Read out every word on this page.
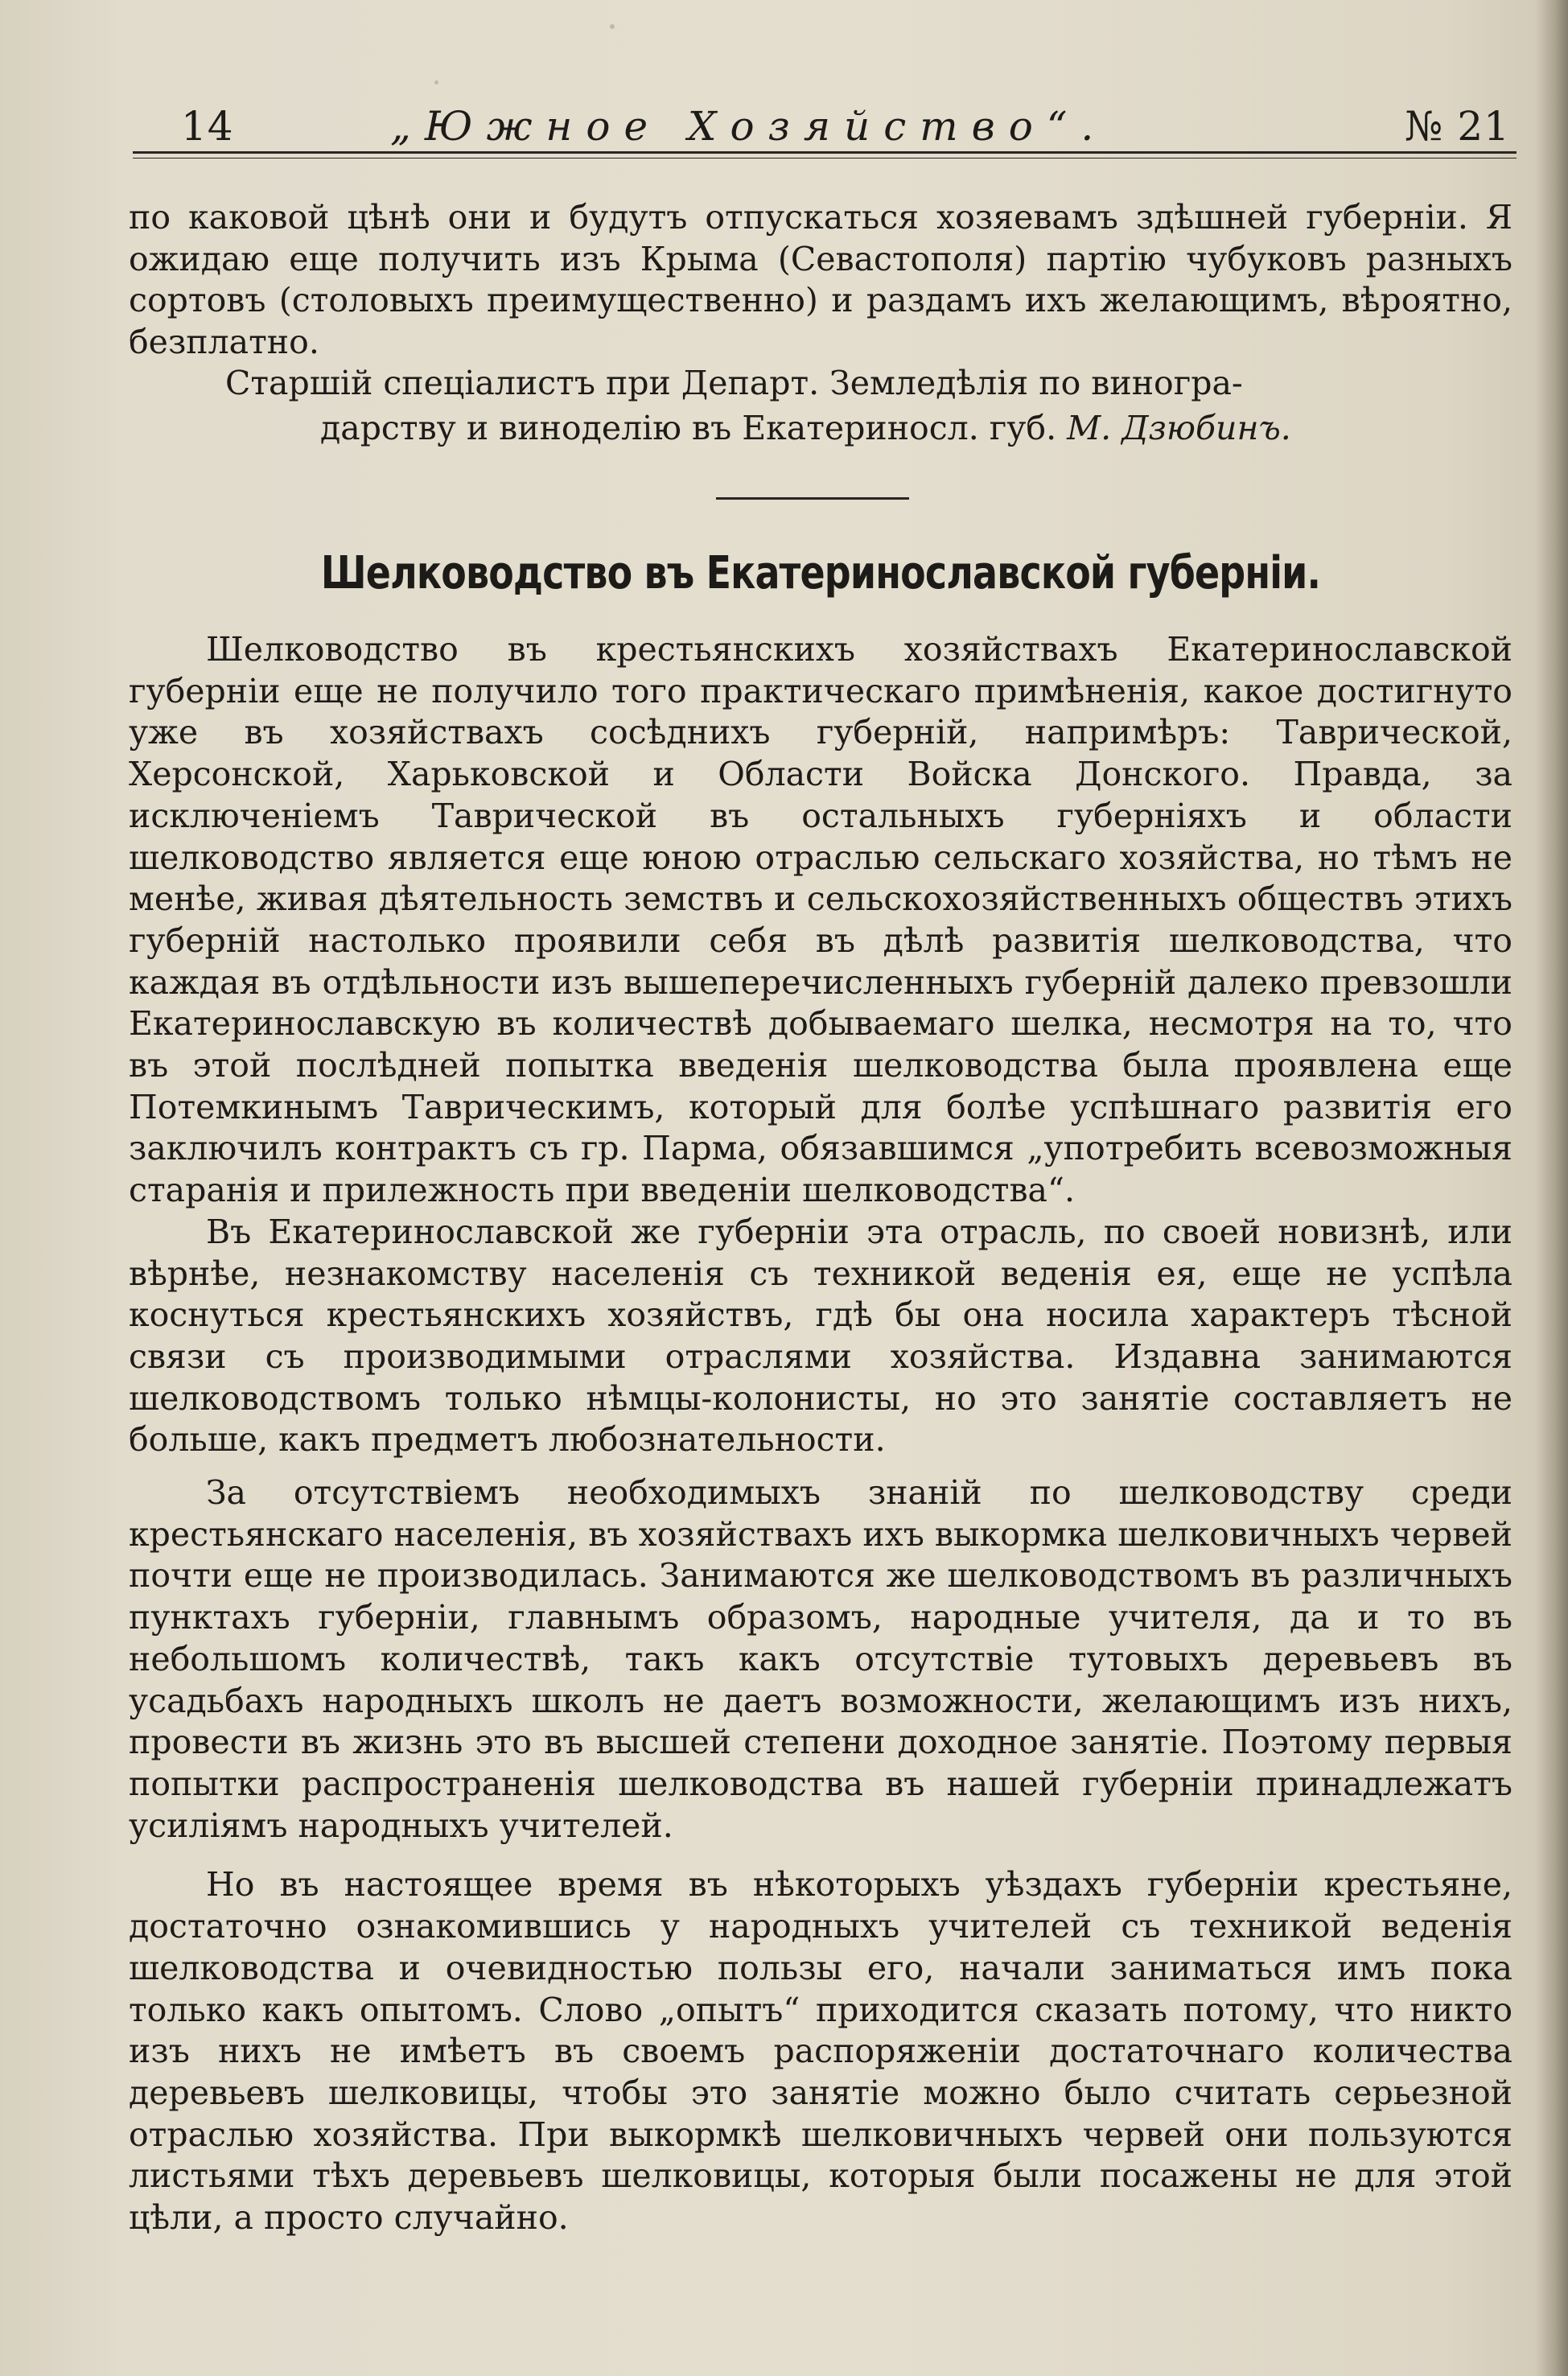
14	„Южное Хозяйство“.	№ 21

по каковой цѣнѣ они и будутъ отпускаться хозяевамъ здѣшней губерніи. Я ожидаю еще получить изъ Крыма (Севастополя) партію чубуковъ разныхъ сортовъ (столовыхъ преимущественно) и раздамъ ихъ желающимъ, вѣроятно, безплатно.

Старшій спеціалистъ при Департ. Земледѣлія по виногра-
дарству и виноделію въ Екатериносл. губ. М. Дзюбинъ.
Шелководство въ Екатеринославской губерніи.

Шелководство въ крестьянскихъ хозяйствахъ Екатеринославской губерніи еще не получило того практическаго примѣненія, какое достигнуто уже въ хозяйствахъ сосѣднихъ губерній, напримѣръ: Таврической, Херсонской, Харьковской и Области Войска Донского. Правда, за исключеніемъ Таврической въ остальныхъ губерніяхъ и области шелководство является еще юною отраслью сельскаго хозяйства, но тѣмъ не менѣе, живая дѣятельность земствъ и сельскохозяйственныхъ обществъ этихъ губерній настолько проявили себя въ дѣлѣ развитія шелководства, что каждая въ отдѣльности изъ вышеперечисленныхъ губерній далеко превзошли Екатеринославскую въ количествѣ добываемаго шелка, несмотря на то, что въ этой послѣдней попытка введенія шелководства была проявлена еще Потемкинымъ Таврическимъ, который для болѣе успѣшнаго развитія его заключилъ контрактъ съ гр. Парма, обязавшимся „употребить всевозможныя старанія и прилежность при введеніи шелководства“.

Въ Екатеринославской же губерніи эта отрасль, по своей новизнѣ, или вѣрнѣе, незнакомству населенія съ техникой веденія ея, еще не успѣла коснуться крестьянскихъ хозяйствъ, гдѣ бы она носила характеръ тѣсной связи съ производимыми отраслями хозяйства. Издавна занимаются шелководствомъ только нѣмцы-колонисты, но это занятіе составляетъ не больше, какъ предметъ любознательности.

За отсутствіемъ необходимыхъ знаній по шелководству среди крестьянскаго населенія, въ хозяйствахъ ихъ выкормка шелковичныхъ червей почти еще не производилась. Занимаются же шелководствомъ въ различныхъ пунктахъ губерніи, главнымъ образомъ, народные учителя, да и то въ небольшомъ количествѣ, такъ какъ отсутствіе тутовыхъ деревьевъ въ усадьбахъ народныхъ школъ не даетъ возможности, желающимъ изъ нихъ, провести въ жизнь это въ высшей степени доходное занятіе. Поэтому первыя попытки распространенія шелководства въ нашей губерніи принадлежатъ усиліямъ народныхъ учителей.

Но въ настоящее время въ нѣкоторыхъ уѣздахъ губерніи крестьяне, достаточно ознакомившись у народныхъ учителей съ техникой веденія шелководства и очевидностью пользы его, начали заниматься имъ пока только какъ опытомъ. Слово „опытъ“ приходится сказать потому, что никто изъ нихъ не имѣетъ въ своемъ распоряженіи достаточнаго количества деревьевъ шелковицы, чтобы это занятіе можно было считать серьезной отраслью хозяйства. При выкормкѣ шелковичныхъ червей они пользуются листьями тѣхъ деревьевъ шелковицы, которыя были посажены не для этой цѣли, а просто случайно.
